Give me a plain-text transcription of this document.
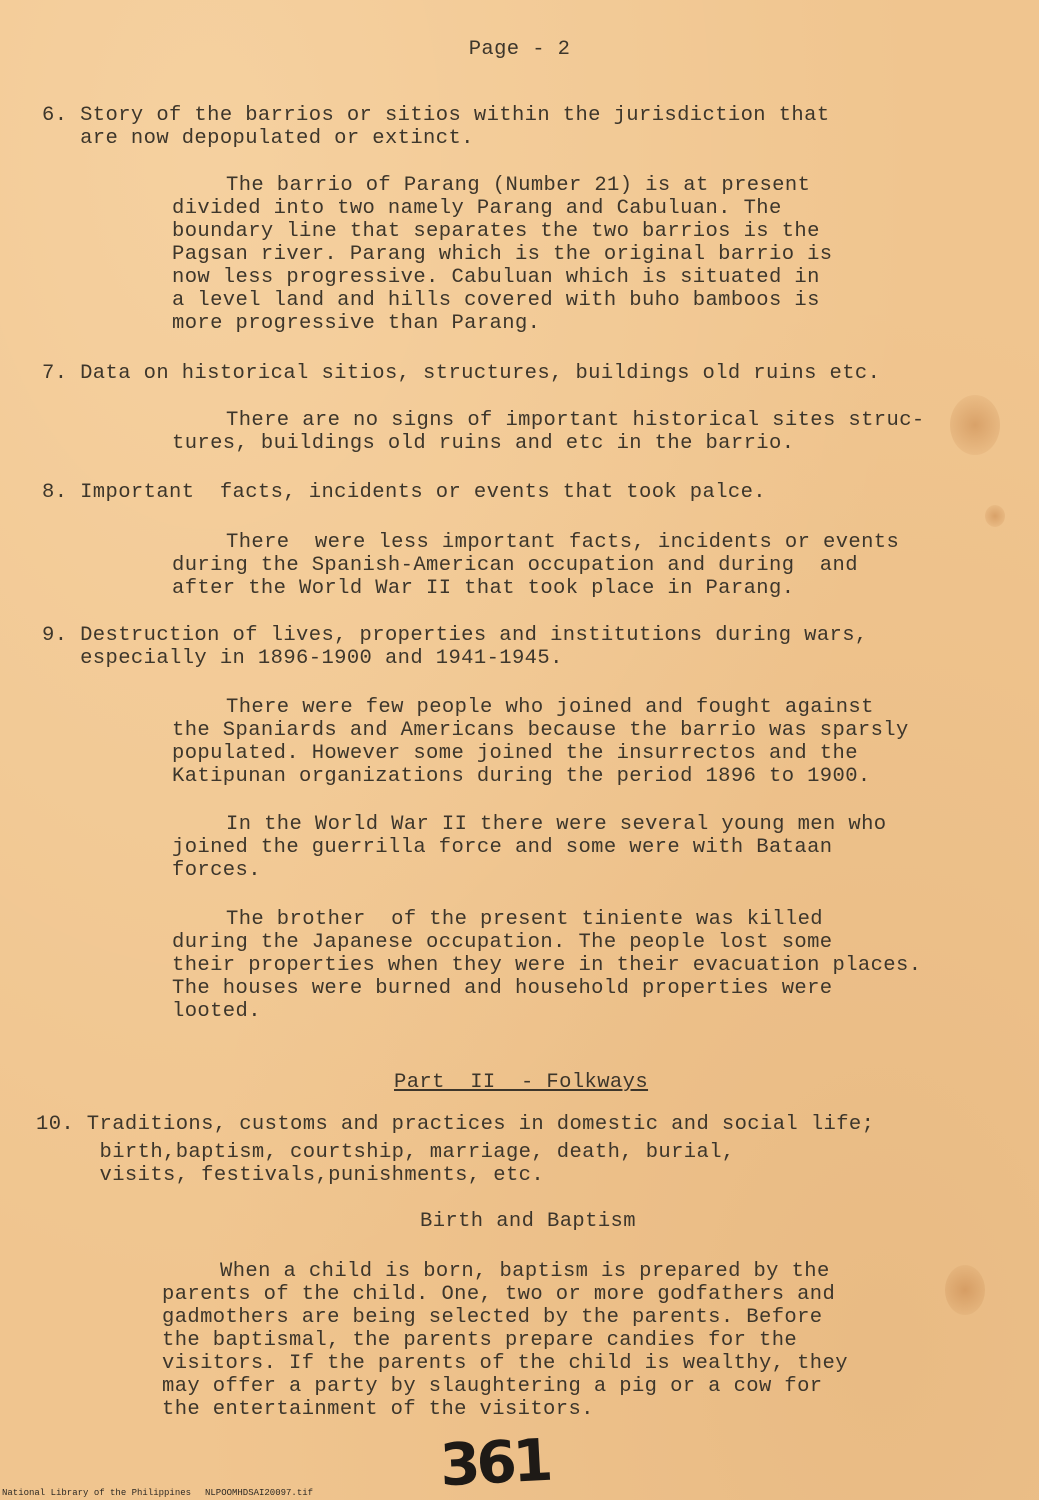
Page - 2
6. Story of the barrios or sitios within the jurisdiction that
are now depopulated or extinct.
The barrio of Parang (Number 21) is at present
divided into two namely Parang and Cabuluan. The
boundary line that separates the two barrios is the
Pagsan river. Parang which is the original barrio is
now less progressive. Cabuluan which is situated in
a level land and hills covered with buho bamboos is
more progressive than Parang.
7. Data on historical sitios, structures, buildings old ruins etc.
There are no signs of important historical sites struc-
tures, buildings old ruins and etc in the barrio.
8. Important  facts, incidents or events that took palce.
There  were less important facts, incidents or events
during the Spanish-American occupation and during  and
after the World War II that took place in Parang.
9. Destruction of lives, properties and institutions during wars,
especially in 1896-1900 and 1941-1945.
There were few people who joined and fought against
the Spaniards and Americans because the barrio was sparsly
populated. However some joined the insurrectos and the
Katipunan organizations during the period 1896 to 1900.
In the World War II there were several young men who
joined the guerrilla force and some were with Bataan
forces.
The brother  of the present tiniente was killed
during the Japanese occupation. The people lost some
their properties when they were in their evacuation places.
The houses were burned and household properties were
looted.
Part  II  - Folkways
10. Traditions, customs and practices in domestic and social life;
birth,baptism, courtship, marriage, death, burial,
visits, festivals,punishments, etc.
Birth and Baptism
When a child is born, baptism is prepared by the
parents of the child. One, two or more godfathers and
gadmothers are being selected by the parents. Before
the baptismal, the parents prepare candies for the
visitors. If the parents of the child is wealthy, they
may offer a party by slaughtering a pig or a cow for
the entertainment of the visitors.
361
National Library of the Philippines NLPOOMHDSAI20097.tif
